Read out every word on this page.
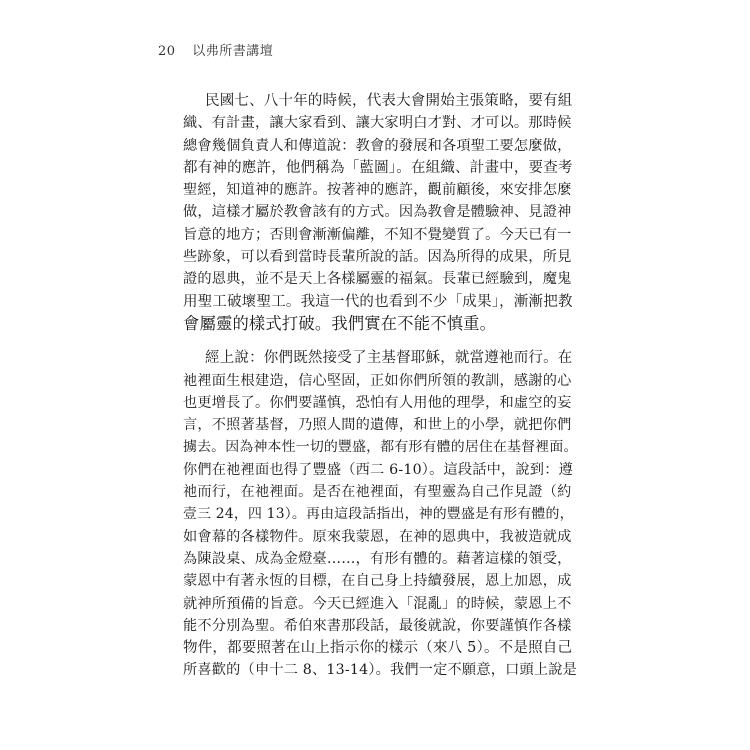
20 以弗所書講壇
民國七、八十年的時候，代表大會開始主張策略，要有組
織、有計畫，讓大家看到、讓大家明白才對、才可以。那時候
總會幾個負責人和傳道說：教會的發展和各項聖工要怎麼做，
都有神的應許，他們稱為「藍圖」。在組織、計畫中，要查考
聖經，知道神的應許。按著神的應許，觀前顧後，來安排怎麼
做，這樣才屬於教會該有的方式。因為教會是體驗神、見證神
旨意的地方；否則會漸漸偏離，不知不覺變質了。今天已有一
些跡象，可以看到當時長輩所說的話。因為所得的成果，所見
證的恩典，並不是天上各樣屬靈的福氣。長輩已經驗到，魔鬼
用聖工破壞聖工。我這一代的也看到不少「成果」，漸漸把教
會屬靈的樣式打破。我們實在不能不慎重。
經上說：你們既然接受了主基督耶穌，就當遵祂而行。在
祂裡面生根建造，信心堅固，正如你們所領的教訓，感謝的心
也更增長了。你們要謹慎，恐怕有人用他的理學，和虛空的妄
言，不照著基督，乃照人間的遺傳，和世上的小學，就把你們
擄去。因為神本性一切的豐盛，都有形有體的居住在基督裡面。
你們在祂裡面也得了豐盛（西二 6-10）。這段話中，說到：遵
祂而行，在祂裡面。是否在祂裡面，有聖靈為自己作見證（約
壹三 24，四 13）。再由這段話指出，神的豐盛是有形有體的，
如會幕的各樣物件。原來我蒙恩，在神的恩典中，我被造就成
為陳設桌、成為金燈臺……，有形有體的。藉著這樣的領受，
蒙恩中有著永恆的目標，在自己身上持續發展，恩上加恩，成
就神所預備的旨意。今天已經進入「混亂」的時候，蒙恩上不
能不分別為聖。希伯來書那段話，最後就說，你要謹慎作各樣
物件，都要照著在山上指示你的樣示（來八 5）。不是照自己
所喜歡的（申十二 8、13-14）。我們一定不願意，口頭上說是
